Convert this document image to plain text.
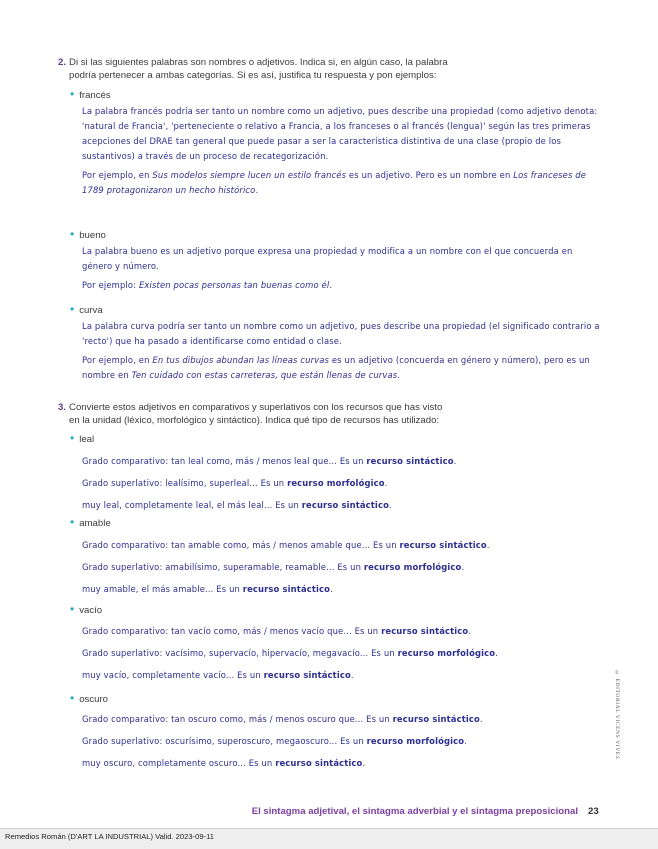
2. Di si las siguientes palabras son nombres o adjetivos. Indica si, en algún caso, la palabra
podría pertenecer a ambas categorías. Si es así, justifica tu respuesta y pon ejemplos:
• francés

La palabra francés podría ser tanto un nombre como un adjetivo, pues describe una propiedad (como adjetivo denota: 'natural de Francia', 'perteneciente o relativo a Francia, a los franceses o al francés (lengua)' según las tres primeras acepciones del DRAE tan general que puede pasar a ser la característica distintiva de una clase (propio de los sustantivos) a través de un proceso de recategorización.

Por ejemplo, en Sus modelos siempre lucen un estilo francés es un adjetivo. Pero es un nombre en Los franceses de 1789 protagonizaron un hecho histórico.

• bueno

La palabra bueno es un adjetivo porque expresa una propiedad y modifica a un nombre con el que concuerda en género y número.

Por ejemplo: Existen pocas personas tan buenas como él.

• curva

La palabra curva podría ser tanto un nombre como un adjetivo, pues describe una propiedad (el significado contrario a 'recto') que ha pasado a identificarse como entidad o clase.

Por ejemplo, en En tus dibujos abundan las líneas curvas es un adjetivo (concuerda en género y número), pero es un nombre en Ten cuidado con estas carreteras, que están llenas de curvas.

3. Convierte estos adjetivos en comparativos y superlativos con los recursos que has visto
en la unidad (léxico, morfológico y sintáctico). Indica qué tipo de recursos has utilizado:
• leal

Grado comparativo: tan leal como, más / menos leal que... Es un recurso sintáctico.

Grado superlativo: lealísimo, superleal... Es un recurso morfológico.

muy leal, completamente leal, el más leal... Es un recurso sintáctico.

• amable

Grado comparativo: tan amable como, más / menos amable que... Es un recurso sintáctico.

Grado superlativo: amabilísimo, superamable, reamable... Es un recurso morfológico.

muy amable, el más amable... Es un recurso sintáctico.

• vacío

Grado comparativo: tan vacío como, más / menos vacío que... Es un recurso sintáctico.

Grado superlativo: vacísimo, supervacío, hipervacío, megavacío... Es un recurso morfológico.

muy vacío, completamente vacío... Es un recurso sintáctico.

• oscuro

Grado comparativo: tan oscuro como, más / menos oscuro que... Es un recurso sintáctico.

Grado superlativo: oscurísimo, superoscuro, megaoscuro... Es un recurso morfológico.

muy oscuro, completamente oscuro... Es un recurso sintáctico.

© EDITORIAL VICENS VIVES
El sintagma adjetival, el sintagma adverbial y el sintagma preposicional 23
Remedios Román (D'ART LA INDUSTRIAL) Valid. 2023-09-11
